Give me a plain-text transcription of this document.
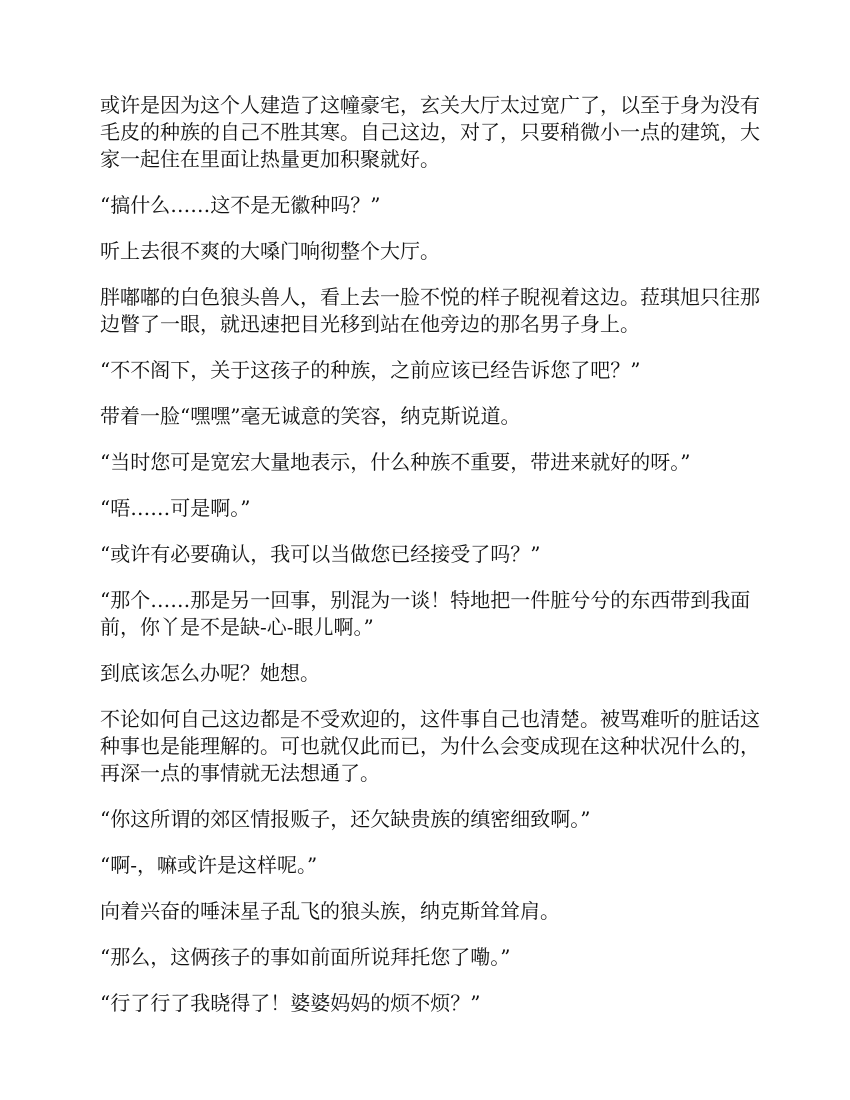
或许是因为这个人建造了这幢豪宅，玄关大厅太过宽广了，以至于身为没有毛皮的种族的自己不胜其寒。自己这边，对了，只要稍微小一点的建筑，大家一起住在里面让热量更加积聚就好。

“搞什么……这不是无徽种吗？”

听上去很不爽的大嗓门响彻整个大厅。

胖嘟嘟的白色狼头兽人，看上去一脸不悦的样子睨视着这边。菈琪旭只往那边瞥了一眼，就迅速把目光移到站在他旁边的那名男子身上。

“不不阁下，关于这孩子的种族，之前应该已经告诉您了吧？”

带着一脸“嘿嘿”毫无诚意的笑容，纳克斯说道。

“当时您可是宽宏大量地表示，什么种族不重要，带进来就好的呀。”

“唔……可是啊。”

“或许有必要确认，我可以当做您已经接受了吗？”

“那个……那是另一回事，别混为一谈！特地把一件脏兮兮的东西带到我面前，你丫是不是缺-心-眼儿啊。”

到底该怎么办呢？她想。

不论如何自己这边都是不受欢迎的，这件事自己也清楚。被骂难听的脏话这种事也是能理解的。可也就仅此而已，为什么会变成现在这种状况什么的，再深一点的事情就无法想通了。

“你这所谓的郊区情报贩子，还欠缺贵族的缜密细致啊。”

“啊-，嘛或许是这样呢。”

向着兴奋的唾沫星子乱飞的狼头族，纳克斯耸耸肩。

“那么，这俩孩子的事如前面所说拜托您了嘞。”

“行了行了我晓得了！婆婆妈妈的烦不烦？”
